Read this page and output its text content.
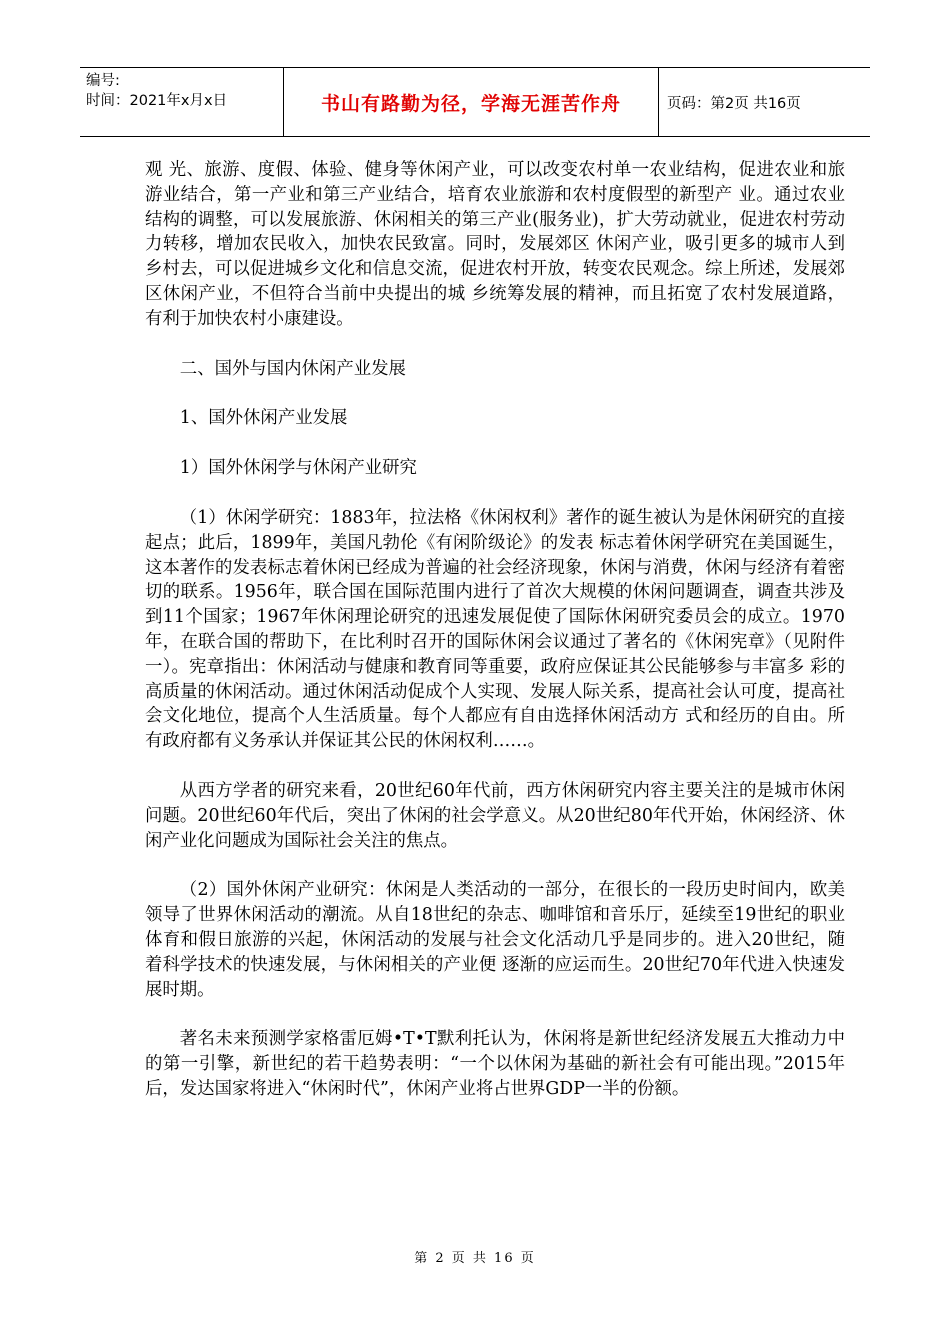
编号:
时间：2021年x月x日	书山有路勤为径，学海无涯苦作舟	页码：第2页 共16页

观 光、旅游、度假、体验、健身等休闲产业，可以改变农村单一农业结构，促进农业和旅游业结合，第一产业和第三产业结合，培育农业旅游和农村度假型的新型产 业。通过农业结构的调整，可以发展旅游、休闲相关的第三产业(服务业)，扩大劳动就业，促进农村劳动力转移，增加农民收入，加快农民致富。同时，发展郊区 休闲产业，吸引更多的城市人到乡村去，可以促进城乡文化和信息交流，促进农村开放，转变农民观念。综上所述，发展郊区休闲产业，不但符合当前中央提出的城 乡统筹发展的精神，而且拓宽了农村发展道路，有利于加快农村小康建设。

二、国外与国内休闲产业发展

1、国外休闲产业发展

1）国外休闲学与休闲产业研究

（1）休闲学研究：1883年，拉法格《休闲权利》著作的诞生被认为是休闲研究的直接起点；此后，1899年，美国凡勃伦《有闲阶级论》的发表 标志着休闲学研究在美国诞生，这本著作的发表标志着休闲已经成为普遍的社会经济现象，休闲与消费，休闲与经济有着密切的联系。1956年，联合国在国际范围内进行了首次大规模的休闲问题调查，调查共涉及到11个国家；1967年休闲理论研究的迅速发展促使了国际休闲研究委员会的成立。1970年，在联合国的帮助下，在比利时召开的国际休闲会议通过了著名的《休闲宪章》（见附件一）。宪章指出：休闲活动与健康和教育同等重要，政府应保证其公民能够参与丰富多 彩的高质量的休闲活动。通过休闲活动促成个人实现、发展人际关系，提高社会认可度，提高社会文化地位，提高个人生活质量。每个人都应有自由选择休闲活动方 式和经历的自由。所有政府都有义务承认并保证其公民的休闲权利……。

从西方学者的研究来看，20世纪60年代前，西方休闲研究内容主要关注的是城市休闲问题。20世纪60年代后，突出了休闲的社会学意义。从20世纪80年代开始，休闲经济、休闲产业化问题成为国际社会关注的焦点。

（2）国外休闲产业研究：休闲是人类活动的一部分，在很长的一段历史时间内，欧美领导了世界休闲活动的潮流。从自18世纪的杂志、咖啡馆和音乐厅，延续至19世纪的职业体育和假日旅游的兴起，休闲活动的发展与社会文化活动几乎是同步的。进入20世纪，随着科学技术的快速发展，与休闲相关的产业便 逐渐的应运而生。20世纪70年代进入快速发展时期。

著名未来预测学家格雷厄姆•T•T默利托认为，休闲将是新世纪经济发展五大推动力中的第一引擎，新世纪的若干趋势表明：“一个以休闲为基础的新社会有可能出现。”2015年后，发达国家将进入“休闲时代”，休闲产业将占世界GDP一半的份额。

第 2 页 共 16 页
